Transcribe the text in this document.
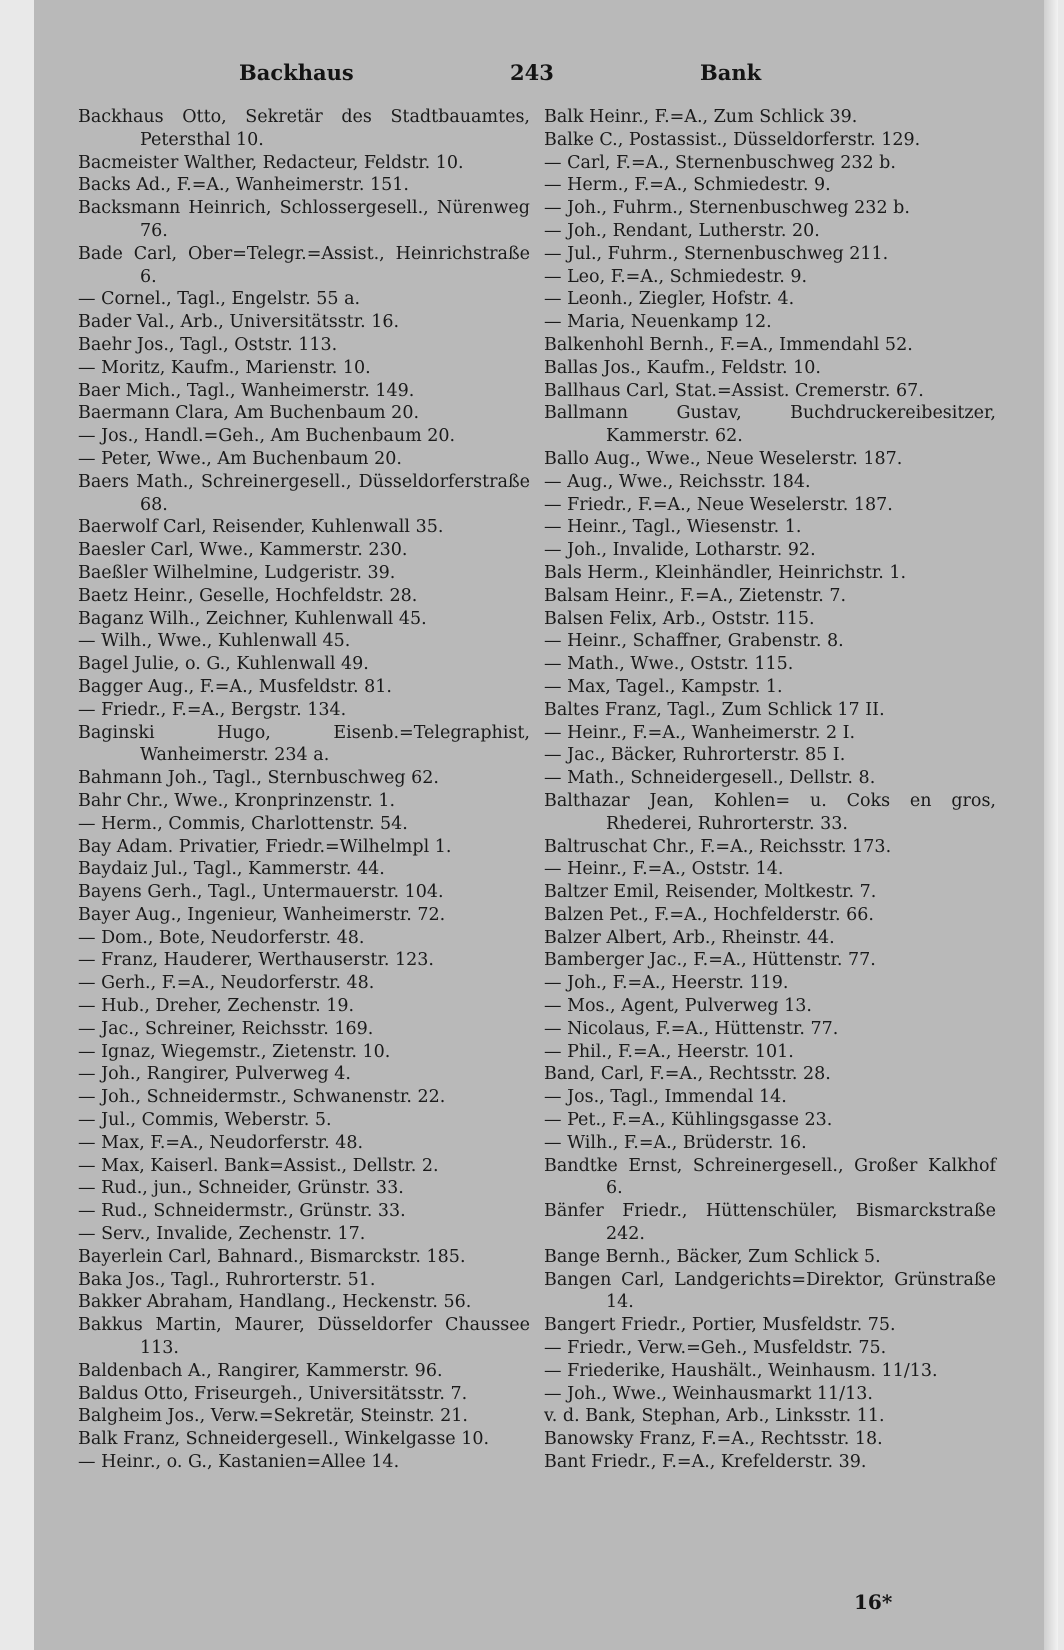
Backhaus	243	Bank

Backhaus Otto, Sekretär des Stadtbauamtes, Petersthal 10.

Bacmeister Walther, Redacteur, Feldstr. 10.

Backs Ad., F.=A., Wanheimerstr. 151.

Backsmann Heinrich, Schlossergesell., Nürenweg 76.

Bade Carl, Ober=Telegr.=Assist., Heinrichstraße 6.

— Cornel., Tagl., Engelstr. 55 a.

Bader Val., Arb., Universitätsstr. 16.

Baehr Jos., Tagl., Oststr. 113.

— Moritz, Kaufm., Marienstr. 10.

Baer Mich., Tagl., Wanheimerstr. 149.

Baermann Clara, Am Buchenbaum 20.

— Jos., Handl.=Geh., Am Buchenbaum 20.

— Peter, Wwe., Am Buchenbaum 20.

Baers Math., Schreinergesell., Düsseldorferstraße 68.

Baerwolf Carl, Reisender, Kuhlenwall 35.

Baesler Carl, Wwe., Kammerstr. 230.

Baeßler Wilhelmine, Ludgeristr. 39.

Baetz Heinr., Geselle, Hochfeldstr. 28.

Baganz Wilh., Zeichner, Kuhlenwall 45.

— Wilh., Wwe., Kuhlenwall 45.

Bagel Julie, o. G., Kuhlenwall 49.

Bagger Aug., F.=A., Musfeldstr. 81.

— Friedr., F.=A., Bergstr. 134.

Baginski Hugo, Eisenb.=Telegraphist, Wanheimerstr. 234 a.

Bahmann Joh., Tagl., Sternbuschweg 62.

Bahr Chr., Wwe., Kronprinzenstr. 1.

— Herm., Commis, Charlottenstr. 54.

Bay Adam. Privatier, Friedr.=Wilhelmpl 1.

Baydaiz Jul., Tagl., Kammerstr. 44.

Bayens Gerh., Tagl., Untermauerstr. 104.

Bayer Aug., Ingenieur, Wanheimerstr. 72.

— Dom., Bote, Neudorferstr. 48.

— Franz, Hauderer, Werthauserstr. 123.

— Gerh., F.=A., Neudorferstr. 48.

— Hub., Dreher, Zechenstr. 19.

— Jac., Schreiner, Reichsstr. 169.

— Ignaz, Wiegemstr., Zietenstr. 10.

— Joh., Rangirer, Pulverweg 4.

— Joh., Schneidermstr., Schwanenstr. 22.

— Jul., Commis, Weberstr. 5.

— Max, F.=A., Neudorferstr. 48.

— Max, Kaiserl. Bank=Assist., Dellstr. 2.

— Rud., jun., Schneider, Grünstr. 33.

— Rud., Schneidermstr., Grünstr. 33.

— Serv., Invalide, Zechenstr. 17.

Bayerlein Carl, Bahnard., Bismarckstr. 185.

Baka Jos., Tagl., Ruhrorterstr. 51.

Bakker Abraham, Handlang., Heckenstr. 56.

Bakkus Martin, Maurer, Düsseldorfer Chaussee 113.

Baldenbach A., Rangirer, Kammerstr. 96.

Baldus Otto, Friseurgeh., Universitätsstr. 7.

Balgheim Jos., Verw.=Sekretär, Steinstr. 21.

Balk Franz, Schneidergesell., Winkelgasse 10.

— Heinr., o. G., Kastanien=Allee 14.

Balk Heinr., F.=A., Zum Schlick 39.

Balke C., Postassist., Düsseldorferstr. 129.

— Carl, F.=A., Sternenbuschweg 232 b.

— Herm., F.=A., Schmiedestr. 9.

— Joh., Fuhrm., Sternenbuschweg 232 b.

— Joh., Rendant, Lutherstr. 20.

— Jul., Fuhrm., Sternenbuschweg 211.

— Leo, F.=A., Schmiedestr. 9.

— Leonh., Ziegler, Hofstr. 4.

— Maria, Neuenkamp 12.

Balkenhohl Bernh., F.=A., Immendahl 52.

Ballas Jos., Kaufm., Feldstr. 10.

Ballhaus Carl, Stat.=Assist. Cremerstr. 67.

Ballmann Gustav, Buchdruckereibesitzer, Kammerstr. 62.

Ballo Aug., Wwe., Neue Weselerstr. 187.

— Aug., Wwe., Reichsstr. 184.

— Friedr., F.=A., Neue Weselerstr. 187.

— Heinr., Tagl., Wiesenstr. 1.

— Joh., Invalide, Lotharstr. 92.

Bals Herm., Kleinhändler, Heinrichstr. 1.

Balsam Heinr., F.=A., Zietenstr. 7.

Balsen Felix, Arb., Oststr. 115.

— Heinr., Schaffner, Grabenstr. 8.

— Math., Wwe., Oststr. 115.

— Max, Tagel., Kampstr. 1.

Baltes Franz, Tagl., Zum Schlick 17 II.

— Heinr., F.=A., Wanheimerstr. 2 I.

— Jac., Bäcker, Ruhrorterstr. 85 I.

— Math., Schneidergesell., Dellstr. 8.

Balthazar Jean, Kohlen= u. Coks en gros, Rhederei, Ruhrorterstr. 33.

Baltruschat Chr., F.=A., Reichsstr. 173.

— Heinr., F.=A., Oststr. 14.

Baltzer Emil, Reisender, Moltkestr. 7.

Balzen Pet., F.=A., Hochfelderstr. 66.

Balzer Albert, Arb., Rheinstr. 44.

Bamberger Jac., F.=A., Hüttenstr. 77.

— Joh., F.=A., Heerstr. 119.

— Mos., Agent, Pulverweg 13.

— Nicolaus, F.=A., Hüttenstr. 77.

— Phil., F.=A., Heerstr. 101.

Band, Carl, F.=A., Rechtsstr. 28.

— Jos., Tagl., Immendal 14.

— Pet., F.=A., Kühlingsgasse 23.

— Wilh., F.=A., Brüderstr. 16.

Bandtke Ernst, Schreinergesell., Großer Kalkhof 6.

Bänfer Friedr., Hüttenschüler, Bismarckstraße 242.

Bange Bernh., Bäcker, Zum Schlick 5.

Bangen Carl, Landgerichts=Direktor, Grünstraße 14.

Bangert Friedr., Portier, Musfeldstr. 75.

— Friedr., Verw.=Geh., Musfeldstr. 75.

— Friederike, Haushält., Weinhausm. 11/13.

— Joh., Wwe., Weinhausmarkt 11/13.

v. d. Bank, Stephan, Arb., Linksstr. 11.

Banowsky Franz, F.=A., Rechtsstr. 18.

Bant Friedr., F.=A., Krefelderstr. 39.

16*
